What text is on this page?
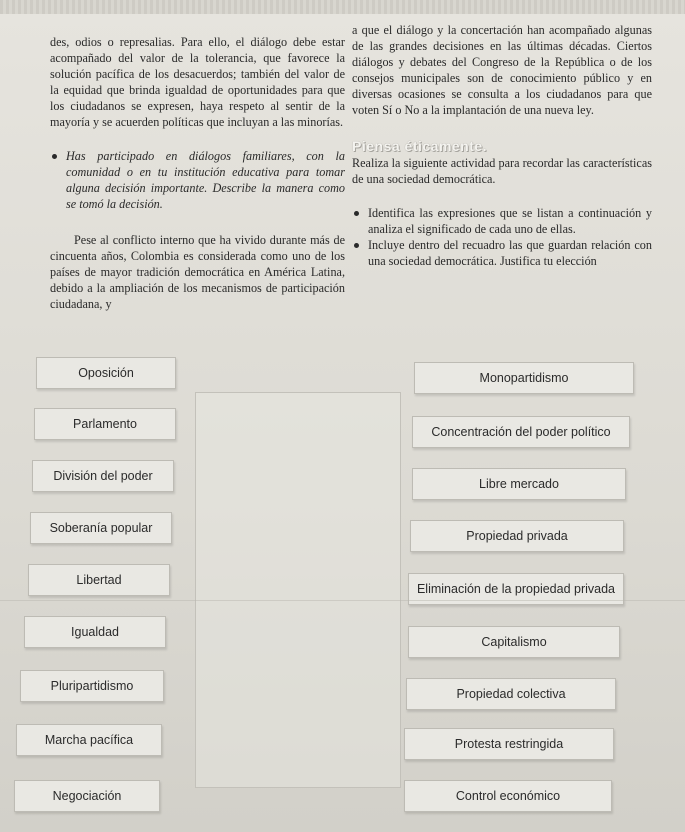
des, odios o represalias. Para ello, el diálogo debe estar acompañado del valor de la tolerancia, que favorece la solución pacífica de los desacuerdos; también del valor de la equidad que brinda igualdad de oportunidades para que los ciudadanos se expresen, haya respeto al sentir de la mayoría y se acuerden políticas que incluyan a las minorías.

Has participado en diálogos familiares, con la comunidad o en tu institución educativa para tomar alguna decisión importante. Describe la manera como se tomó la decisión.

Pese al conflicto interno que ha vivido durante más de cincuenta años, Colombia es considerada como uno de los países de mayor tradición democrática en América Latina, debido a la ampliación de los mecanismos de participación ciudadana, y

a que el diálogo y la concertación han acompañado algunas de las grandes decisiones en las últimas décadas. Ciertos diálogos y debates del Congreso de la República o de los consejos municipales son de conocimiento público y en diversas ocasiones se consulta a los ciudadanos para que voten Sí o No a la implantación de una nueva ley.

Piensa éticamente.

Realiza la siguiente actividad para recordar las características de una sociedad democrática.

Identifica las expresiones que se listan a continuación y analiza el significado de cada uno de ellas.

Incluye dentro del recuadro las que guardan relación con una sociedad democrática. Justifica tu elección

Oposición
Parlamento
División del poder
Soberanía popular
Libertad
Igualdad
Pluripartidismo
Marcha pacífica
Negociación
Monopartidismo
Concentración del poder político
Libre mercado
Propiedad privada
Eliminación de la propiedad privada
Capitalismo
Propiedad colectiva
Protesta restringida
Control económico
